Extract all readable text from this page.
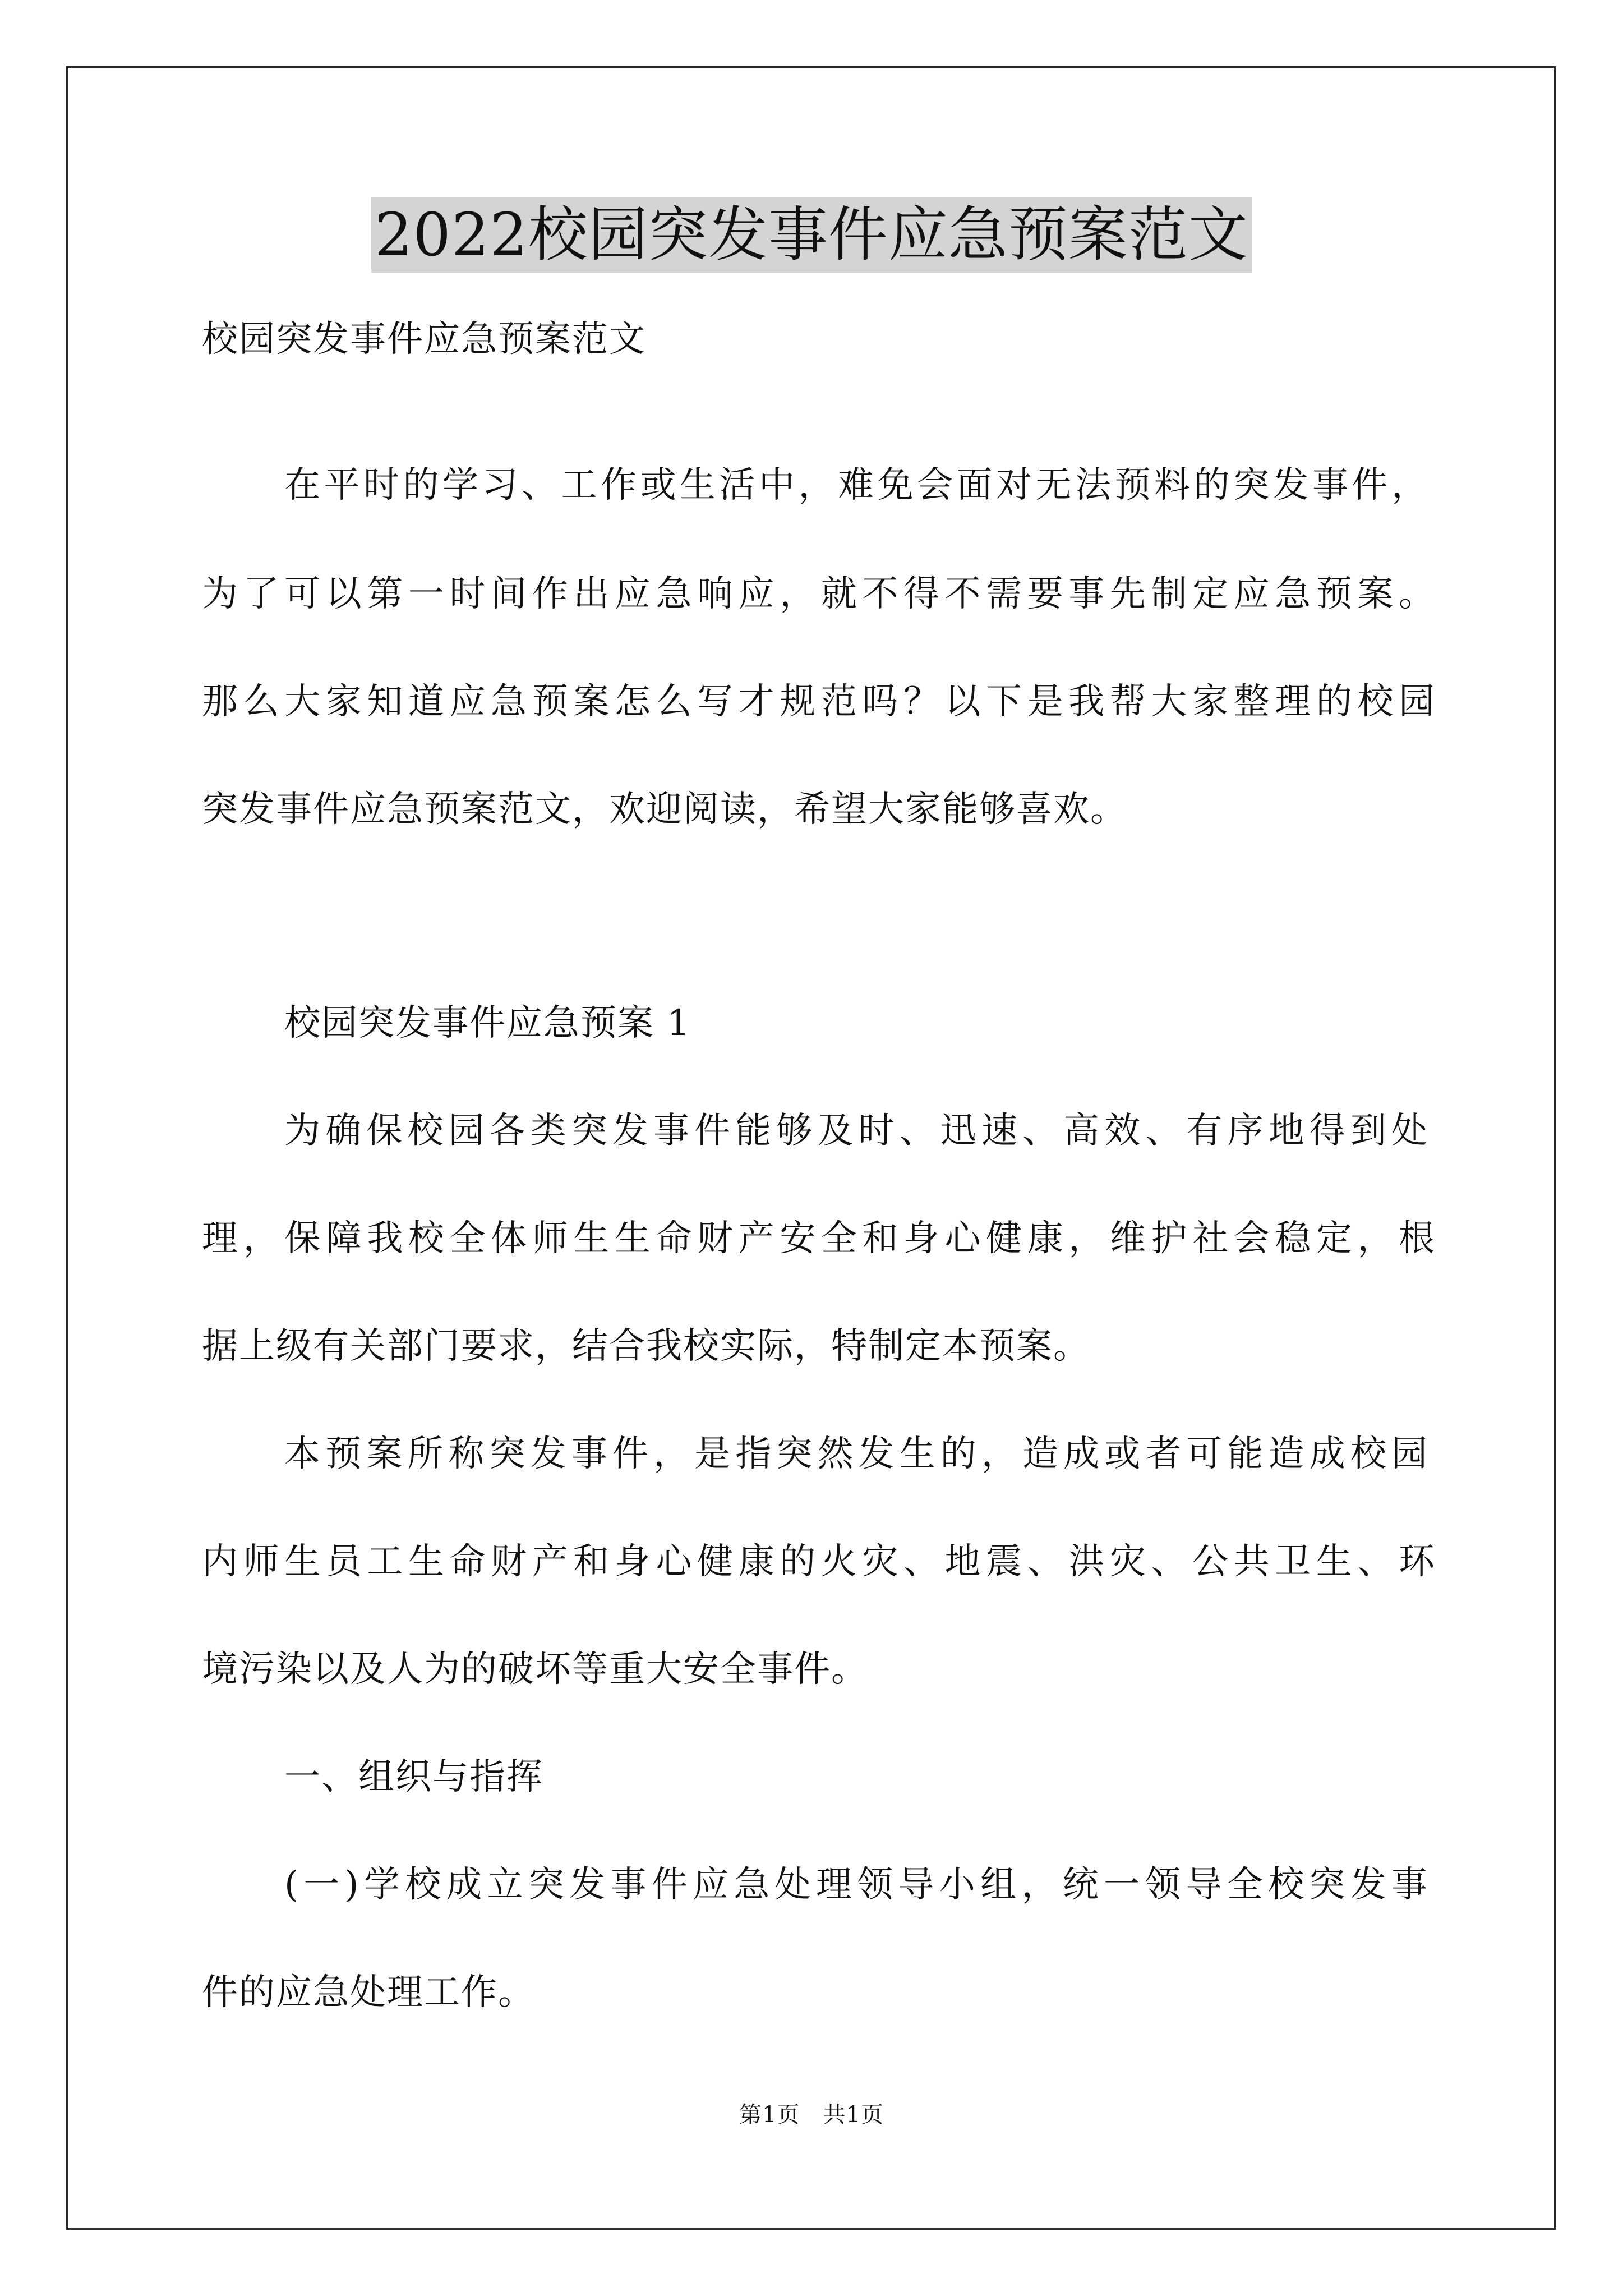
2022校园突发事件应急预案范文
校园突发事件应急预案范文
在平时的学习、工作或生活中，难免会面对无法预料的突发事件，
为了可以第一时间作出应急响应，就不得不需要事先制定应急预案。
那么大家知道应急预案怎么写才规范吗？以下是我帮大家整理的校园
突发事件应急预案范文，欢迎阅读，希望大家能够喜欢。
校园突发事件应急预案 1
为确保校园各类突发事件能够及时、迅速、高效、有序地得到处
理，保障我校全体师生生命财产安全和身心健康，维护社会稳定，根
据上级有关部门要求，结合我校实际，特制定本预案。
本预案所称突发事件，是指突然发生的，造成或者可能造成校园
内师生员工生命财产和身心健康的火灾、地震、洪灾、公共卫生、环
境污染以及人为的破坏等重大安全事件。
一、组织与指挥
(一)学校成立突发事件应急处理领导小组，统一领导全校突发事
件的应急处理工作。
第1页　共1页
